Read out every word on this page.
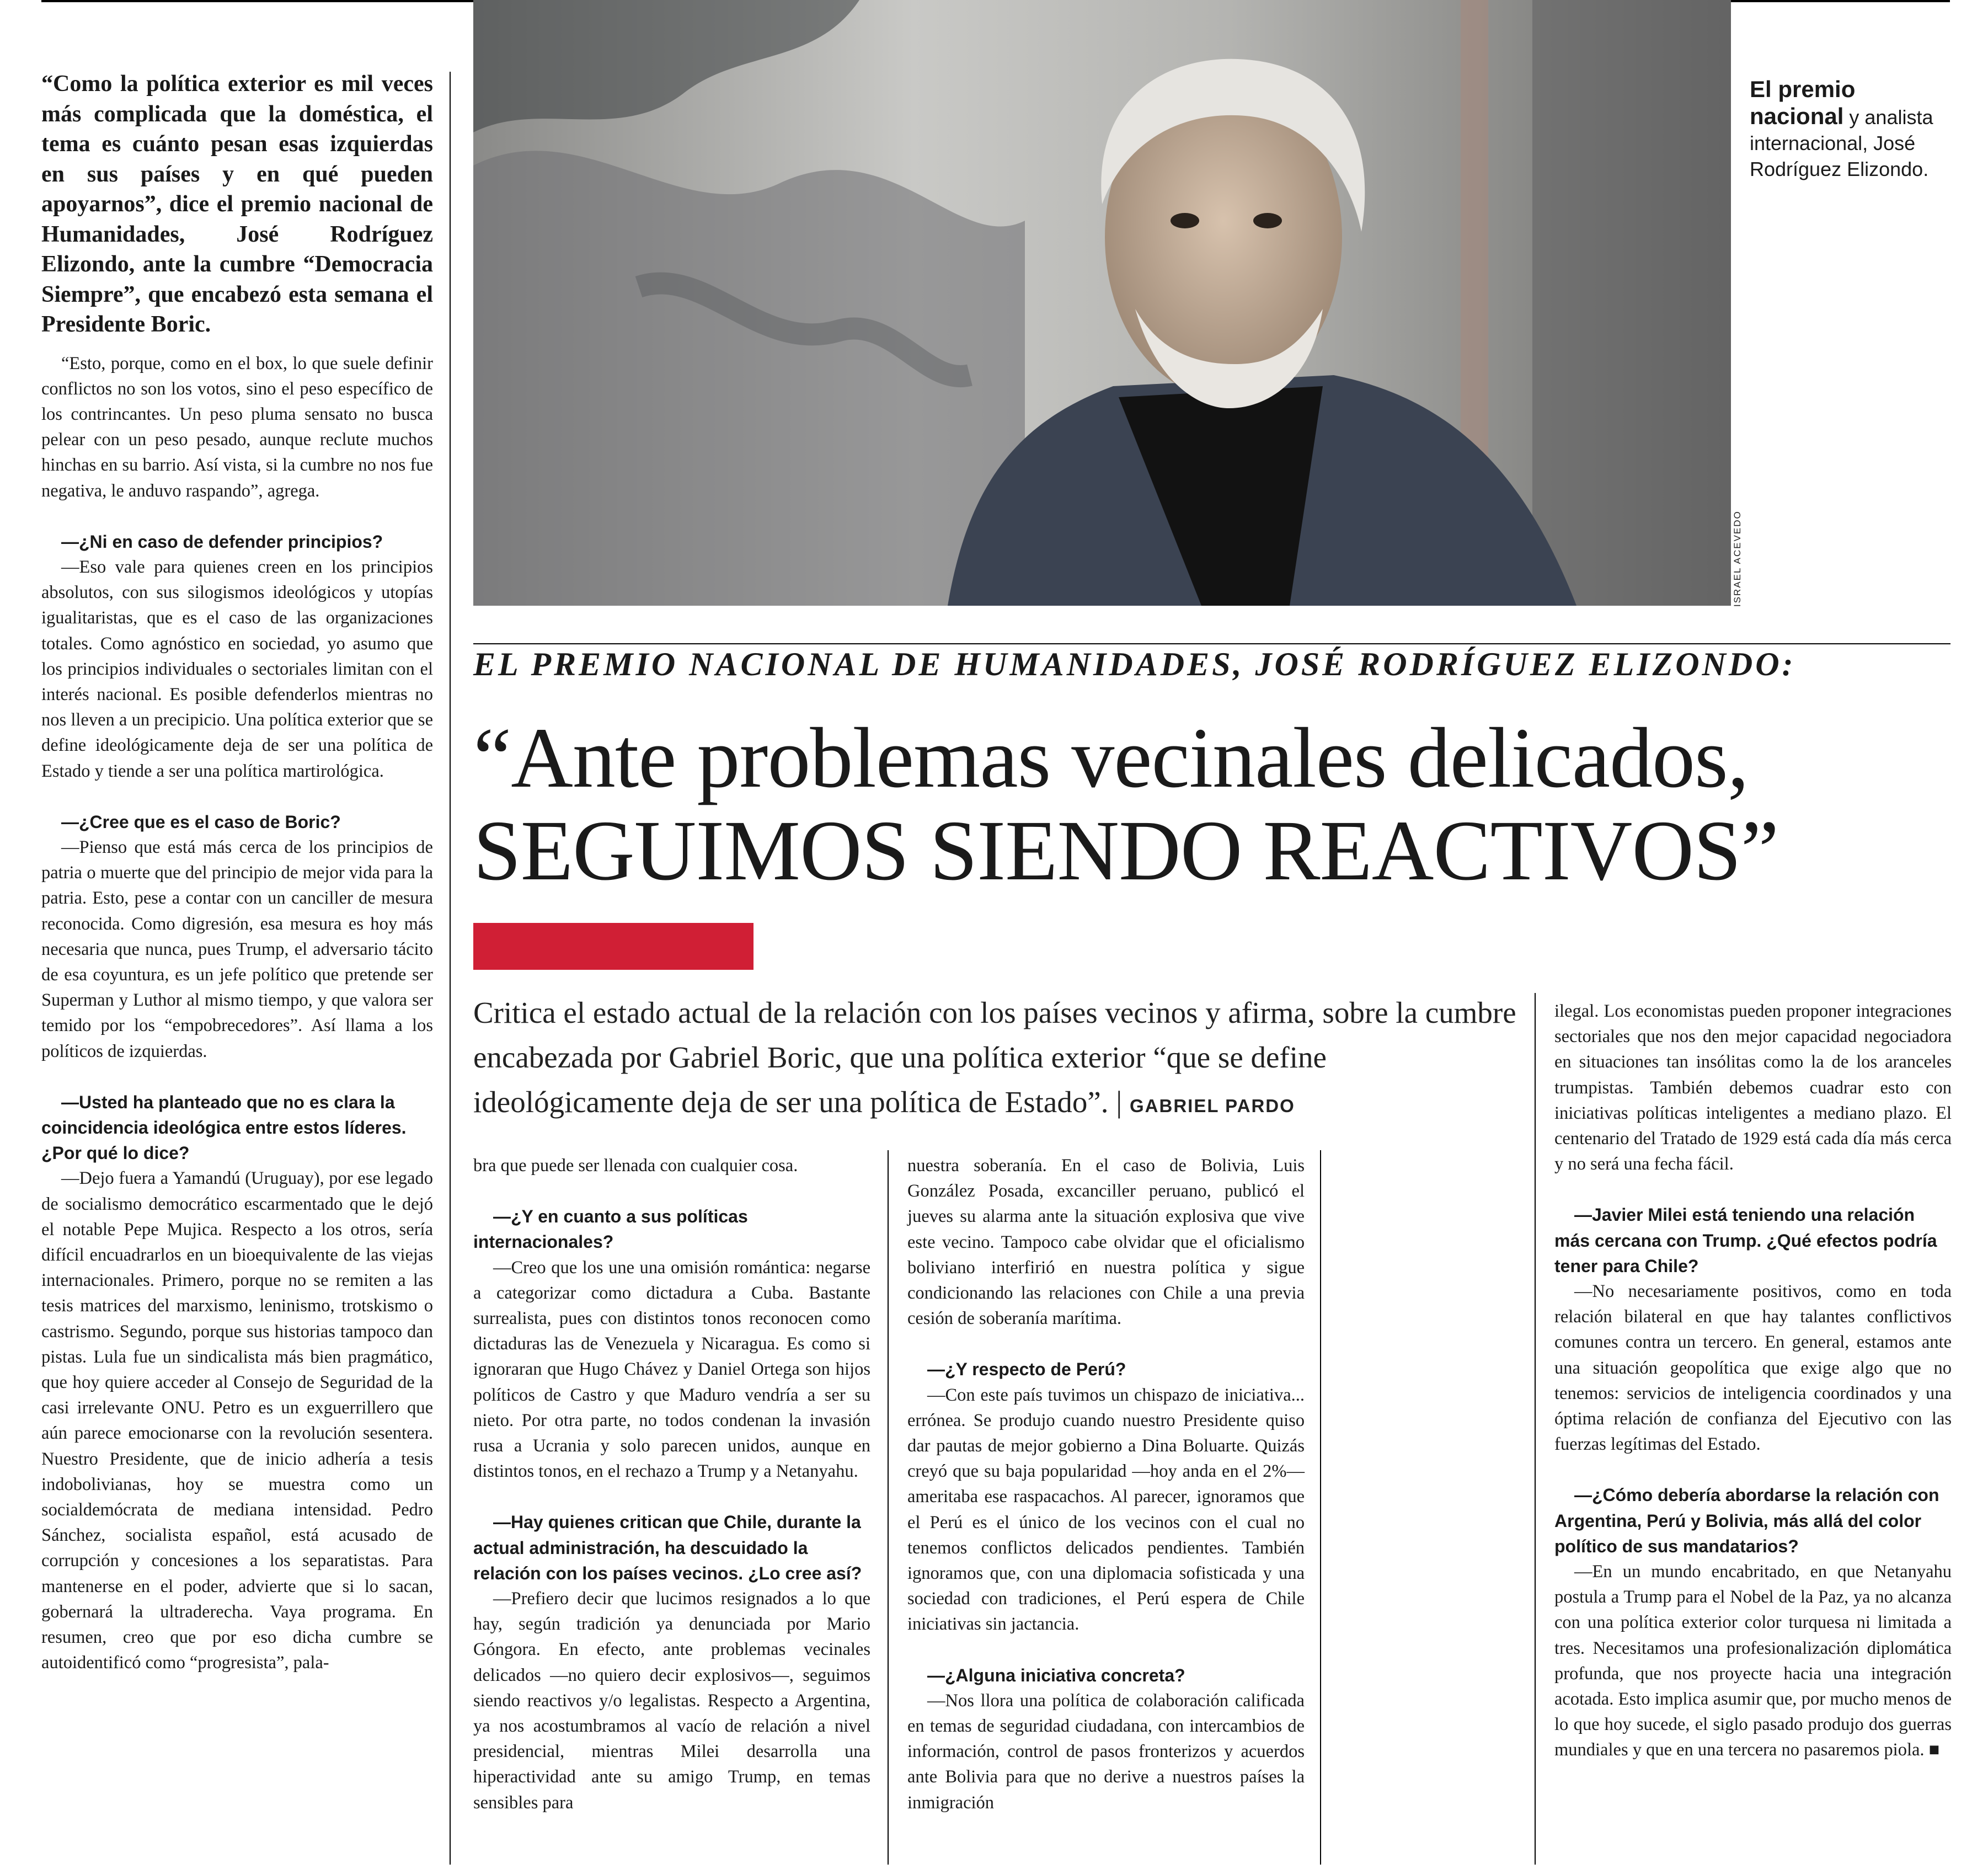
“Como la política exterior es mil veces más complicada que la doméstica, el tema es cuánto pesan esas izquierdas en sus países y en qué pueden apoyarnos”, dice el premio nacional de Humanidades, José Rodríguez Elizondo, ante la cumbre “Democracia Siempre”, que encabezó esta semana el Presidente Boric.

“Esto, porque, como en el box, lo que suele definir conflictos no son los votos, sino el peso específico de los contrincantes. Un peso pluma sensato no busca pelear con un peso pesado, aunque reclute muchos hinchas en su barrio. Así vista, si la cumbre no nos fue negativa, le anduvo raspando”, agrega.

—¿Ni en caso de defender principios?

—Eso vale para quienes creen en los principios absolutos, con sus silogismos ideológicos y utopías igualitaristas, que es el caso de las organizaciones totales. Como agnóstico en sociedad, yo asumo que los principios individuales o sectoriales limitan con el interés nacional. Es posible defenderlos mientras no nos lleven a un precipicio. Una política exterior que se define ideológicamente deja de ser una política de Estado y tiende a ser una política martirológica.

—¿Cree que es el caso de Boric?

—Pienso que está más cerca de los principios de patria o muerte que del principio de mejor vida para la patria. Esto, pese a contar con un canciller de mesura reconocida. Como digresión, esa mesura es hoy más necesaria que nunca, pues Trump, el adversario tácito de esa coyuntura, es un jefe político que pretende ser Superman y Luthor al mismo tiempo, y que valora ser temido por los “empobrecedores”. Así llama a los políticos de izquierdas.

—Usted ha planteado que no es clara la coincidencia ideológica entre estos líderes. ¿Por qué lo dice?

—Dejo fuera a Yamandú (Uruguay), por ese legado de socialismo democrático escarmentado que le dejó el notable Pepe Mujica. Respecto a los otros, sería difícil encuadrarlos en un bioequivalente de las viejas internacionales. Primero, porque no se remiten a las tesis matrices del marxismo, leninismo, trotskismo o castrismo. Segundo, porque sus historias tampoco dan pistas. Lula fue un sindicalista más bien pragmático, que hoy quiere acceder al Consejo de Seguridad de la casi irrelevante ONU. Petro es un exguerrillero que aún parece emocionarse con la revolución sesentera. Nuestro Presidente, que de inicio adhería a tesis indobolivianas, hoy se muestra como un socialdemócrata de mediana intensidad. Pedro Sánchez, socialista español, está acusado de corrupción y concesiones a los separatistas. Para mantenerse en el poder, advierte que si lo sacan, gobernará la ultraderecha. Vaya programa. En resumen, creo que por eso dicha cumbre se autoidentificó como “progresista”, pala-

ISRAEL ACEVEDO
El premio nacional y analista internacional, José Rodríguez Elizondo.
EL PREMIO NACIONAL DE HUMANIDADES, JOSÉ RODRÍGUEZ ELIZONDO:
“Ante problemas vecinales delicados,
SEGUIMOS SIENDO REACTIVOS”
Critica el estado actual de la relación con los países vecinos y afirma, sobre la cumbre encabezada por Gabriel Boric, que una política exterior “que se define ideológicamente deja de ser una política de Estado”. | GABRIEL PARDO

bra que puede ser llenada con cualquier cosa.

—¿Y en cuanto a sus políticas internacionales?

—Creo que los une una omisión romántica: negarse a categorizar como dictadura a Cuba. Bastante surrealista, pues con distintos tonos reconocen como dictaduras las de Venezuela y Nicaragua. Es como si ignoraran que Hugo Chávez y Daniel Ortega son hijos políticos de Castro y que Maduro vendría a ser su nieto. Por otra parte, no todos condenan la invasión rusa a Ucrania y solo parecen unidos, aunque en distintos tonos, en el rechazo a Trump y a Netanyahu.

—Hay quienes critican que Chile, durante la actual administración, ha descuidado la relación con los países vecinos. ¿Lo cree así?

—Prefiero decir que lucimos resignados a lo que hay, según tradición ya denunciada por Mario Góngora. En efecto, ante problemas vecinales delicados —no quiero decir explosivos—, seguimos siendo reactivos y/o legalistas. Respecto a Argentina, ya nos acostumbramos al vacío de relación a nivel presidencial, mientras Milei desarrolla una hiperactividad ante su amigo Trump, en temas sensibles para

nuestra soberanía. En el caso de Bolivia, Luis González Posada, excanciller peruano, publicó el jueves su alarma ante la situación explosiva que vive este vecino. Tampoco cabe olvidar que el oficialismo boliviano interfirió en nuestra política y sigue condicionando las relaciones con Chile a una previa cesión de soberanía marítima.

—¿Y respecto de Perú?

—Con este país tuvimos un chispazo de iniciativa... errónea. Se produjo cuando nuestro Presidente quiso dar pautas de mejor gobierno a Dina Boluarte. Quizás creyó que su baja popularidad —hoy anda en el 2%— ameritaba ese raspacachos. Al parecer, ignoramos que el Perú es el único de los vecinos con el cual no tenemos conflictos delicados pendientes. También ignoramos que, con una diplomacia sofisticada y una sociedad con tradiciones, el Perú espera de Chile iniciativas sin jactancia.

—¿Alguna iniciativa concreta?

—Nos llora una política de colaboración calificada en temas de seguridad ciudadana, con intercambios de información, control de pasos fronterizos y acuerdos ante Bolivia para que no derive a nuestros países la inmigración

ilegal. Los economistas pueden proponer integraciones sectoriales que nos den mejor capacidad negociadora en situaciones tan insólitas como la de los aranceles trumpistas. También debemos cuadrar esto con iniciativas políticas inteligentes a mediano plazo. El centenario del Tratado de 1929 está cada día más cerca y no será una fecha fácil.

—Javier Milei está teniendo una relación más cercana con Trump. ¿Qué efectos podría tener para Chile?

—No necesariamente positivos, como en toda relación bilateral en que hay talantes conflictivos comunes contra un tercero. En general, estamos ante una situación geopolítica que exige algo que no tenemos: servicios de inteligencia coordinados y una óptima relación de confianza del Ejecutivo con las fuerzas legítimas del Estado.

—¿Cómo debería abordarse la relación con Argentina, Perú y Bolivia, más allá del color político de sus mandatarios?

—En un mundo encabritado, en que Netanyahu postula a Trump para el Nobel de la Paz, ya no alcanza con una política exterior color turquesa ni limitada a tres. Necesitamos una profesionalización diplomática profunda, que nos proyecte hacia una integración acotada. Esto implica asumir que, por mucho menos de lo que hoy sucede, el siglo pasado produjo dos guerras mundiales y que en una tercera no pasaremos piola. ■
